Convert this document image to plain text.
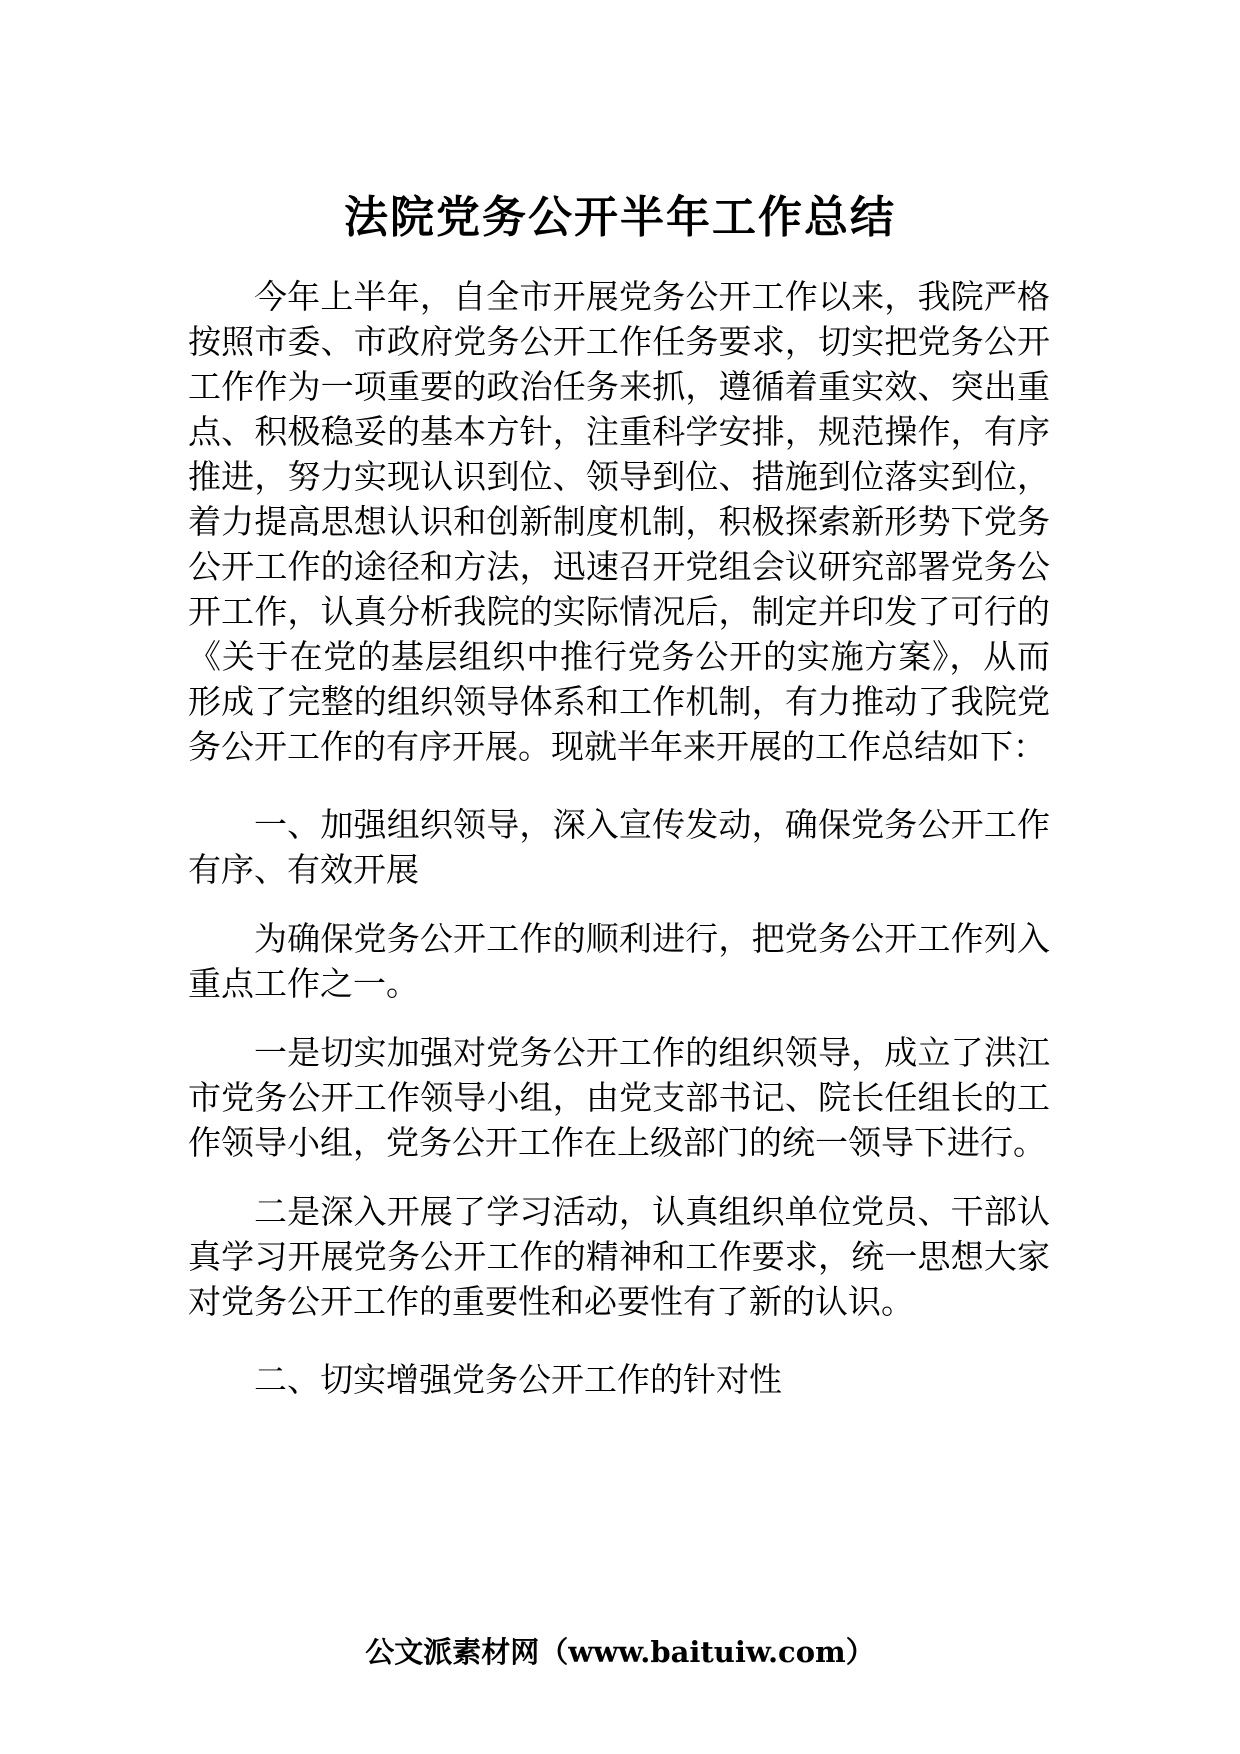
法院党务公开半年工作总结

今年上半年，自全市开展党务公开工作以来，我院严格按照市委、市政府党务公开工作任务要求，切实把党务公开工作作为一项重要的政治任务来抓，遵循着重实效、突出重点、积极稳妥的基本方针，注重科学安排，规范操作，有序推进，努力实现认识到位、领导到位、措施到位落实到位，着力提高思想认识和创新制度机制，积极探索新形势下党务公开工作的途径和方法，迅速召开党组会议研究部署党务公开工作，认真分析我院的实际情况后，制定并印发了可行的《关于在党的基层组织中推行党务公开的实施方案》，从而形成了完整的组织领导体系和工作机制，有力推动了我院党务公开工作的有序开展。现就半年来开展的工作总结如下：

一、加强组织领导，深入宣传发动，确保党务公开工作有序、有效开展

为确保党务公开工作的顺利进行，把党务公开工作列入重点工作之一。

一是切实加强对党务公开工作的组织领导，成立了洪江市党务公开工作领导小组，由党支部书记、院长任组长的工作领导小组，党务公开工作在上级部门的统一领导下进行。

二是深入开展了学习活动，认真组织单位党员、干部认真学习开展党务公开工作的精神和工作要求，统一思想大家对党务公开工作的重要性和必要性有了新的认识。

二、切实增强党务公开工作的针对性

公文派素材网（www.baituiw.com）
